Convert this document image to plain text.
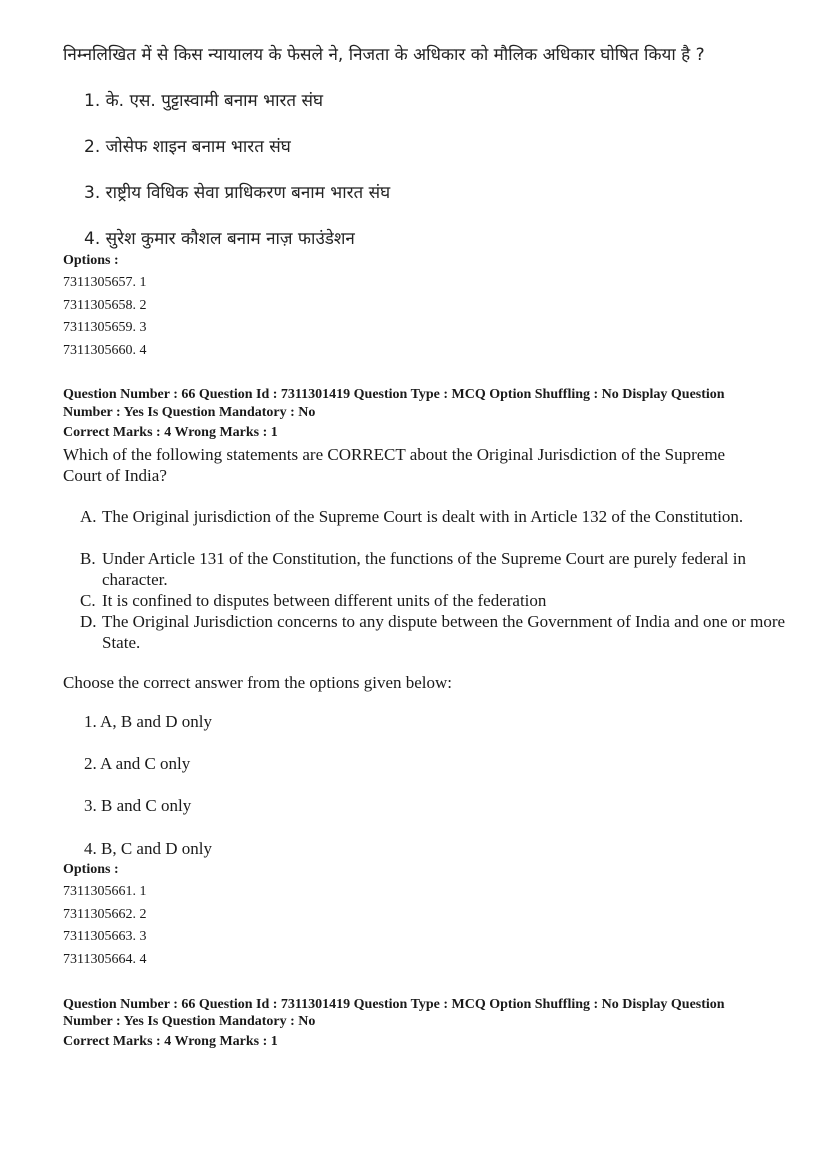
निम्नलिखित में से किस न्यायालय के फेसले ने, निजता के अधिकार को मौलिक अधिकार घोषित किया है ?
1. के. एस. पुट्टास्वामी बनाम भारत संघ
2. जोसेफ शाइन बनाम भारत संघ
3. राष्ट्रीय विधिक सेवा प्राधिकरण बनाम भारत संघ
4. सुरेश कुमार कौशल बनाम नाज़ फाउंडेशन
Options :
7311305657. 1
7311305658. 2
7311305659. 3
7311305660. 4
Question Number : 66 Question Id : 7311301419 Question Type : MCQ Option Shuffling : No Display Question
Number : Yes Is Question Mandatory : No
Correct Marks : 4 Wrong Marks : 1
Which of the following statements are CORRECT about the Original Jurisdiction of the Supreme
Court of India?
A. The Original jurisdiction of the Supreme Court is dealt with in Article 132 of the Constitution.
B. Under Article 131 of the Constitution, the functions of the Supreme Court are purely federal in character.
C. It is confined to disputes between different units of the federation
D. The Original Jurisdiction concerns to any dispute between the Government of India and one or more State.
Choose the correct answer from the options given below:
1. A, B and D only
2. A and C only
3. B and C only
4. B, C and D only
Options :
7311305661. 1
7311305662. 2
7311305663. 3
7311305664. 4
Question Number : 66 Question Id : 7311301419 Question Type : MCQ Option Shuffling : No Display Question
Number : Yes Is Question Mandatory : No
Correct Marks : 4 Wrong Marks : 1
